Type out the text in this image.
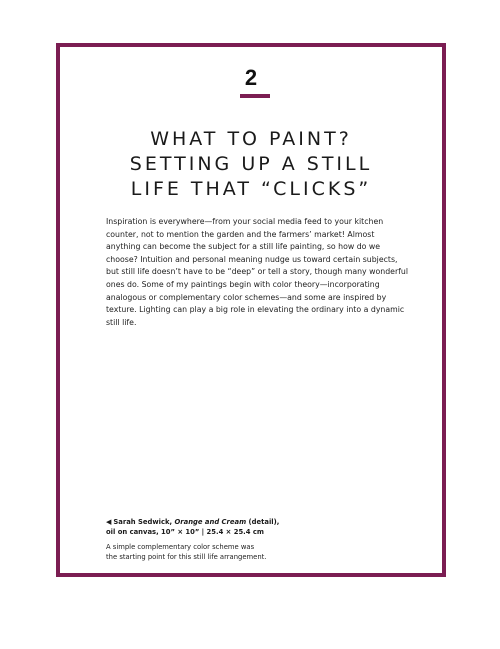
2
WHAT TO PAINT?
SETTING UP A STILL
LIFE THAT “CLICKS”

Inspiration is everywhere—from your social media feed to your kitchen counter, not to mention the garden and the farmers’ market! Almost anything can become the subject for a still life painting, so how do we choose? Intuition and personal meaning nudge us toward certain subjects, but still life doesn’t have to be “deep” or tell a story, though many wonderful ones do. Some of my paintings begin with color theory—incorporating analogous or complementary color schemes—and some are inspired by texture. Lighting can play a big role in elevating the ordinary into a dynamic still life.

◀ Sarah Sedwick, Orange and Cream (detail),
oil on canvas, 10” × 10” | 25.4 × 25.4 cm

A simple complementary color scheme was
the starting point for this still life arrangement.
